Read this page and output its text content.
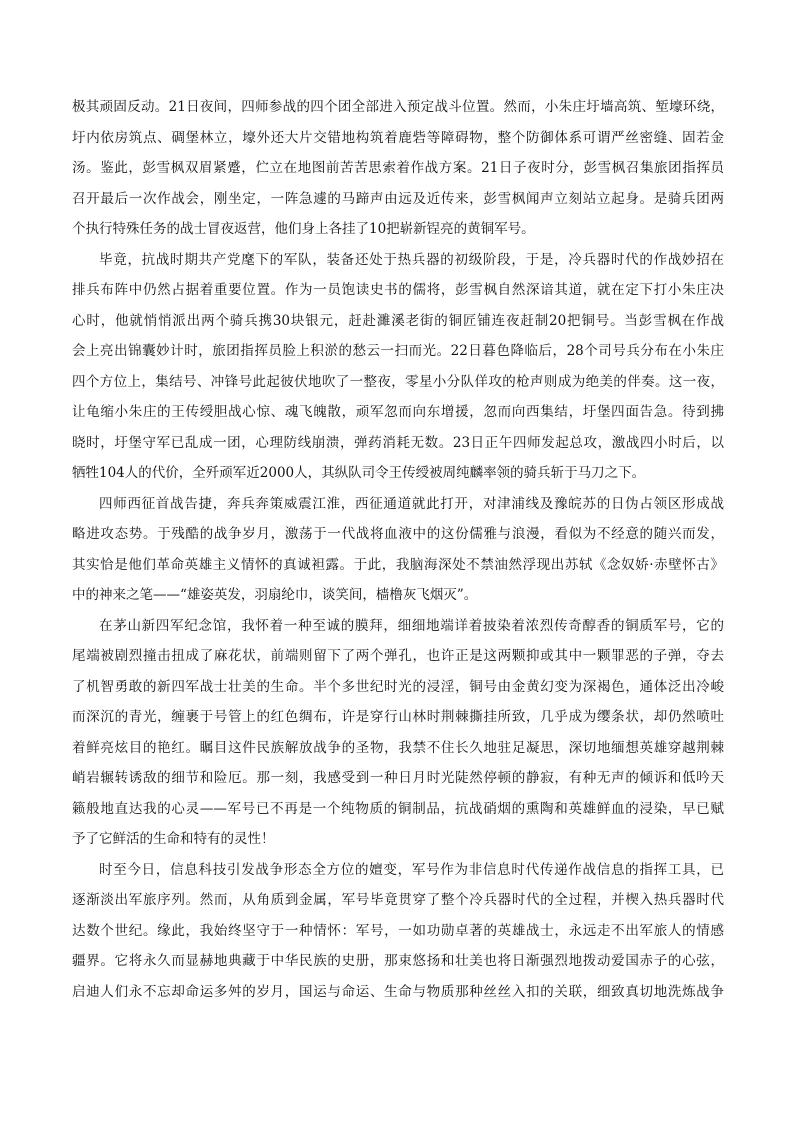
极其顽固反动。21日夜间，四师参战的四个团全部进入预定战斗位置。然而，小朱庄圩墙高筑、堑壕环绕，
圩内依房筑点、碉堡林立，壕外还大片交错地构筑着鹿砦等障碍物，整个防御体系可谓严丝密缝、固若金
汤。鉴此，彭雪枫双眉紧蹙，伫立在地图前苦苦思索着作战方案。21日子夜时分，彭雪枫召集旅团指挥员
召开最后一次作战会，刚坐定，一阵急遽的马蹄声由远及近传来，彭雪枫闻声立刻站立起身。是骑兵团两
个执行特殊任务的战士冒夜返营，他们身上各挂了10把崭新锃亮的黄铜军号。
毕竟，抗战时期共产党麾下的军队，装备还处于热兵器的初级阶段，于是，冷兵器时代的作战妙招在
排兵布阵中仍然占据着重要位置。作为一员饱读史书的儒将，彭雪枫自然深谙其道，就在定下打小朱庄决
心时，他就悄悄派出两个骑兵携30块银元，赶赴濉溪老街的铜匠铺连夜赶制20把铜号。当彭雪枫在作战
会上亮出锦囊妙计时，旅团指挥员脸上积淤的愁云一扫而光。22日暮色降临后，28个司号兵分布在小朱庄
四个方位上，集结号、冲锋号此起彼伏地吹了一整夜，零星小分队佯攻的枪声则成为绝美的伴奏。这一夜，
让龟缩小朱庄的王传绶胆战心惊、魂飞魄散，顽军忽而向东增援，忽而向西集结，圩堡四面告急。待到拂
晓时，圩堡守军已乱成一团，心理防线崩溃，弹药消耗无数。23日正午四师发起总攻，激战四小时后，以
牺牲104人的代价，全歼顽军近2000人，其纵队司令王传绶被周纯麟率领的骑兵斩于马刀之下。
四师西征首战告捷，奔兵奔策威震江淮，西征通道就此打开，对津浦线及豫皖苏的日伪占领区形成战
略进攻态势。于残酷的战争岁月，激荡于一代战将血液中的这份儒雅与浪漫，看似为不经意的随兴而发，
其实恰是他们革命英雄主义情怀的真诚袒露。于此，我脑海深处不禁油然浮现出苏轼《念奴娇·赤壁怀古》
中的神来之笔——“雄姿英发，羽扇纶巾，谈笑间，樯橹灰飞烟灭”。
在茅山新四军纪念馆，我怀着一种至诚的膜拜，细细地端详着披染着浓烈传奇醇香的铜质军号，它的
尾端被剧烈撞击扭成了麻花状，前端则留下了两个弹孔，也许正是这两颗抑或其中一颗罪恶的子弹，夺去
了机智勇敢的新四军战士壮美的生命。半个多世纪时光的浸淫，铜号由金黄幻变为深褐色，通体泛出冷峻
而深沉的青光，缠裹于号管上的红色绸布，许是穿行山林时荆棘撕挂所致，几乎成为缨条状，却仍然喷吐
着鲜亮炫目的艳红。瞩目这件民族解放战争的圣物，我禁不住长久地驻足凝思，深切地缅想英雄穿越荆棘
峭岩辗转诱敌的细节和险厄。那一刻，我感受到一种日月时光陡然停顿的静寂，有种无声的倾诉和低吟天
籁般地直达我的心灵——军号已不再是一个纯物质的铜制品，抗战硝烟的熏陶和英雄鲜血的浸染，早已赋
予了它鲜活的生命和特有的灵性！
时至今日，信息科技引发战争形态全方位的嬗变，军号作为非信息时代传递作战信息的指挥工具，已
逐渐淡出军旅序列。然而，从角质到金属，军号毕竟贯穿了整个冷兵器时代的全过程，并楔入热兵器时代
达数个世纪。缘此，我始终坚守于一种情怀：军号，一如功勋卓著的英雄战士，永远走不出军旅人的情感
疆界。它将永久而显赫地典藏于中华民族的史册，那束悠扬和壮美也将日渐强烈地拨动爱国赤子的心弦，
启迪人们永不忘却命运多舛的岁月，国运与命运、生命与物质那种丝丝入扣的关联，细致真切地洗炼战争
